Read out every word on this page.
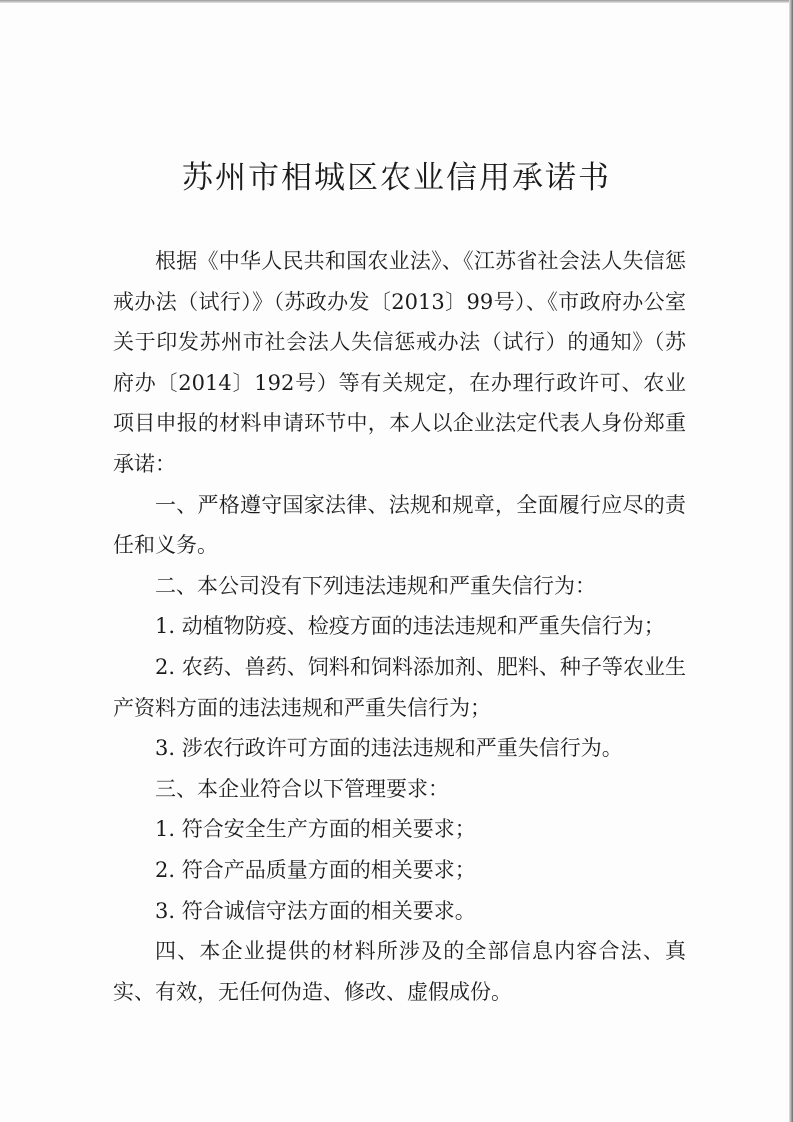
苏州市相城区农业信用承诺书

根据《中华人民共和国农业法》、《江苏省社会法人失信惩戒办法（试行）》（苏政办发〔2013〕99号）、《市政府办公室关于印发苏州市社会法人失信惩戒办法（试行）的通知》（苏府办〔2014〕192号）等有关规定，在办理行政许可、农业项目申报的材料申请环节中，本人以企业法定代表人身份郑重承诺：

一、严格遵守国家法律、法规和规章，全面履行应尽的责任和义务。

二、本公司没有下列违法违规和严重失信行为：

1. 动植物防疫、检疫方面的违法违规和严重失信行为；

2. 农药、兽药、饲料和饲料添加剂、肥料、种子等农业生产资料方面的违法违规和严重失信行为；

3. 涉农行政许可方面的违法违规和严重失信行为。

三、本企业符合以下管理要求：

1. 符合安全生产方面的相关要求；

2. 符合产品质量方面的相关要求；

3. 符合诚信守法方面的相关要求。

四、本企业提供的材料所涉及的全部信息内容合法、真实、有效，无任何伪造、修改、虚假成份。
